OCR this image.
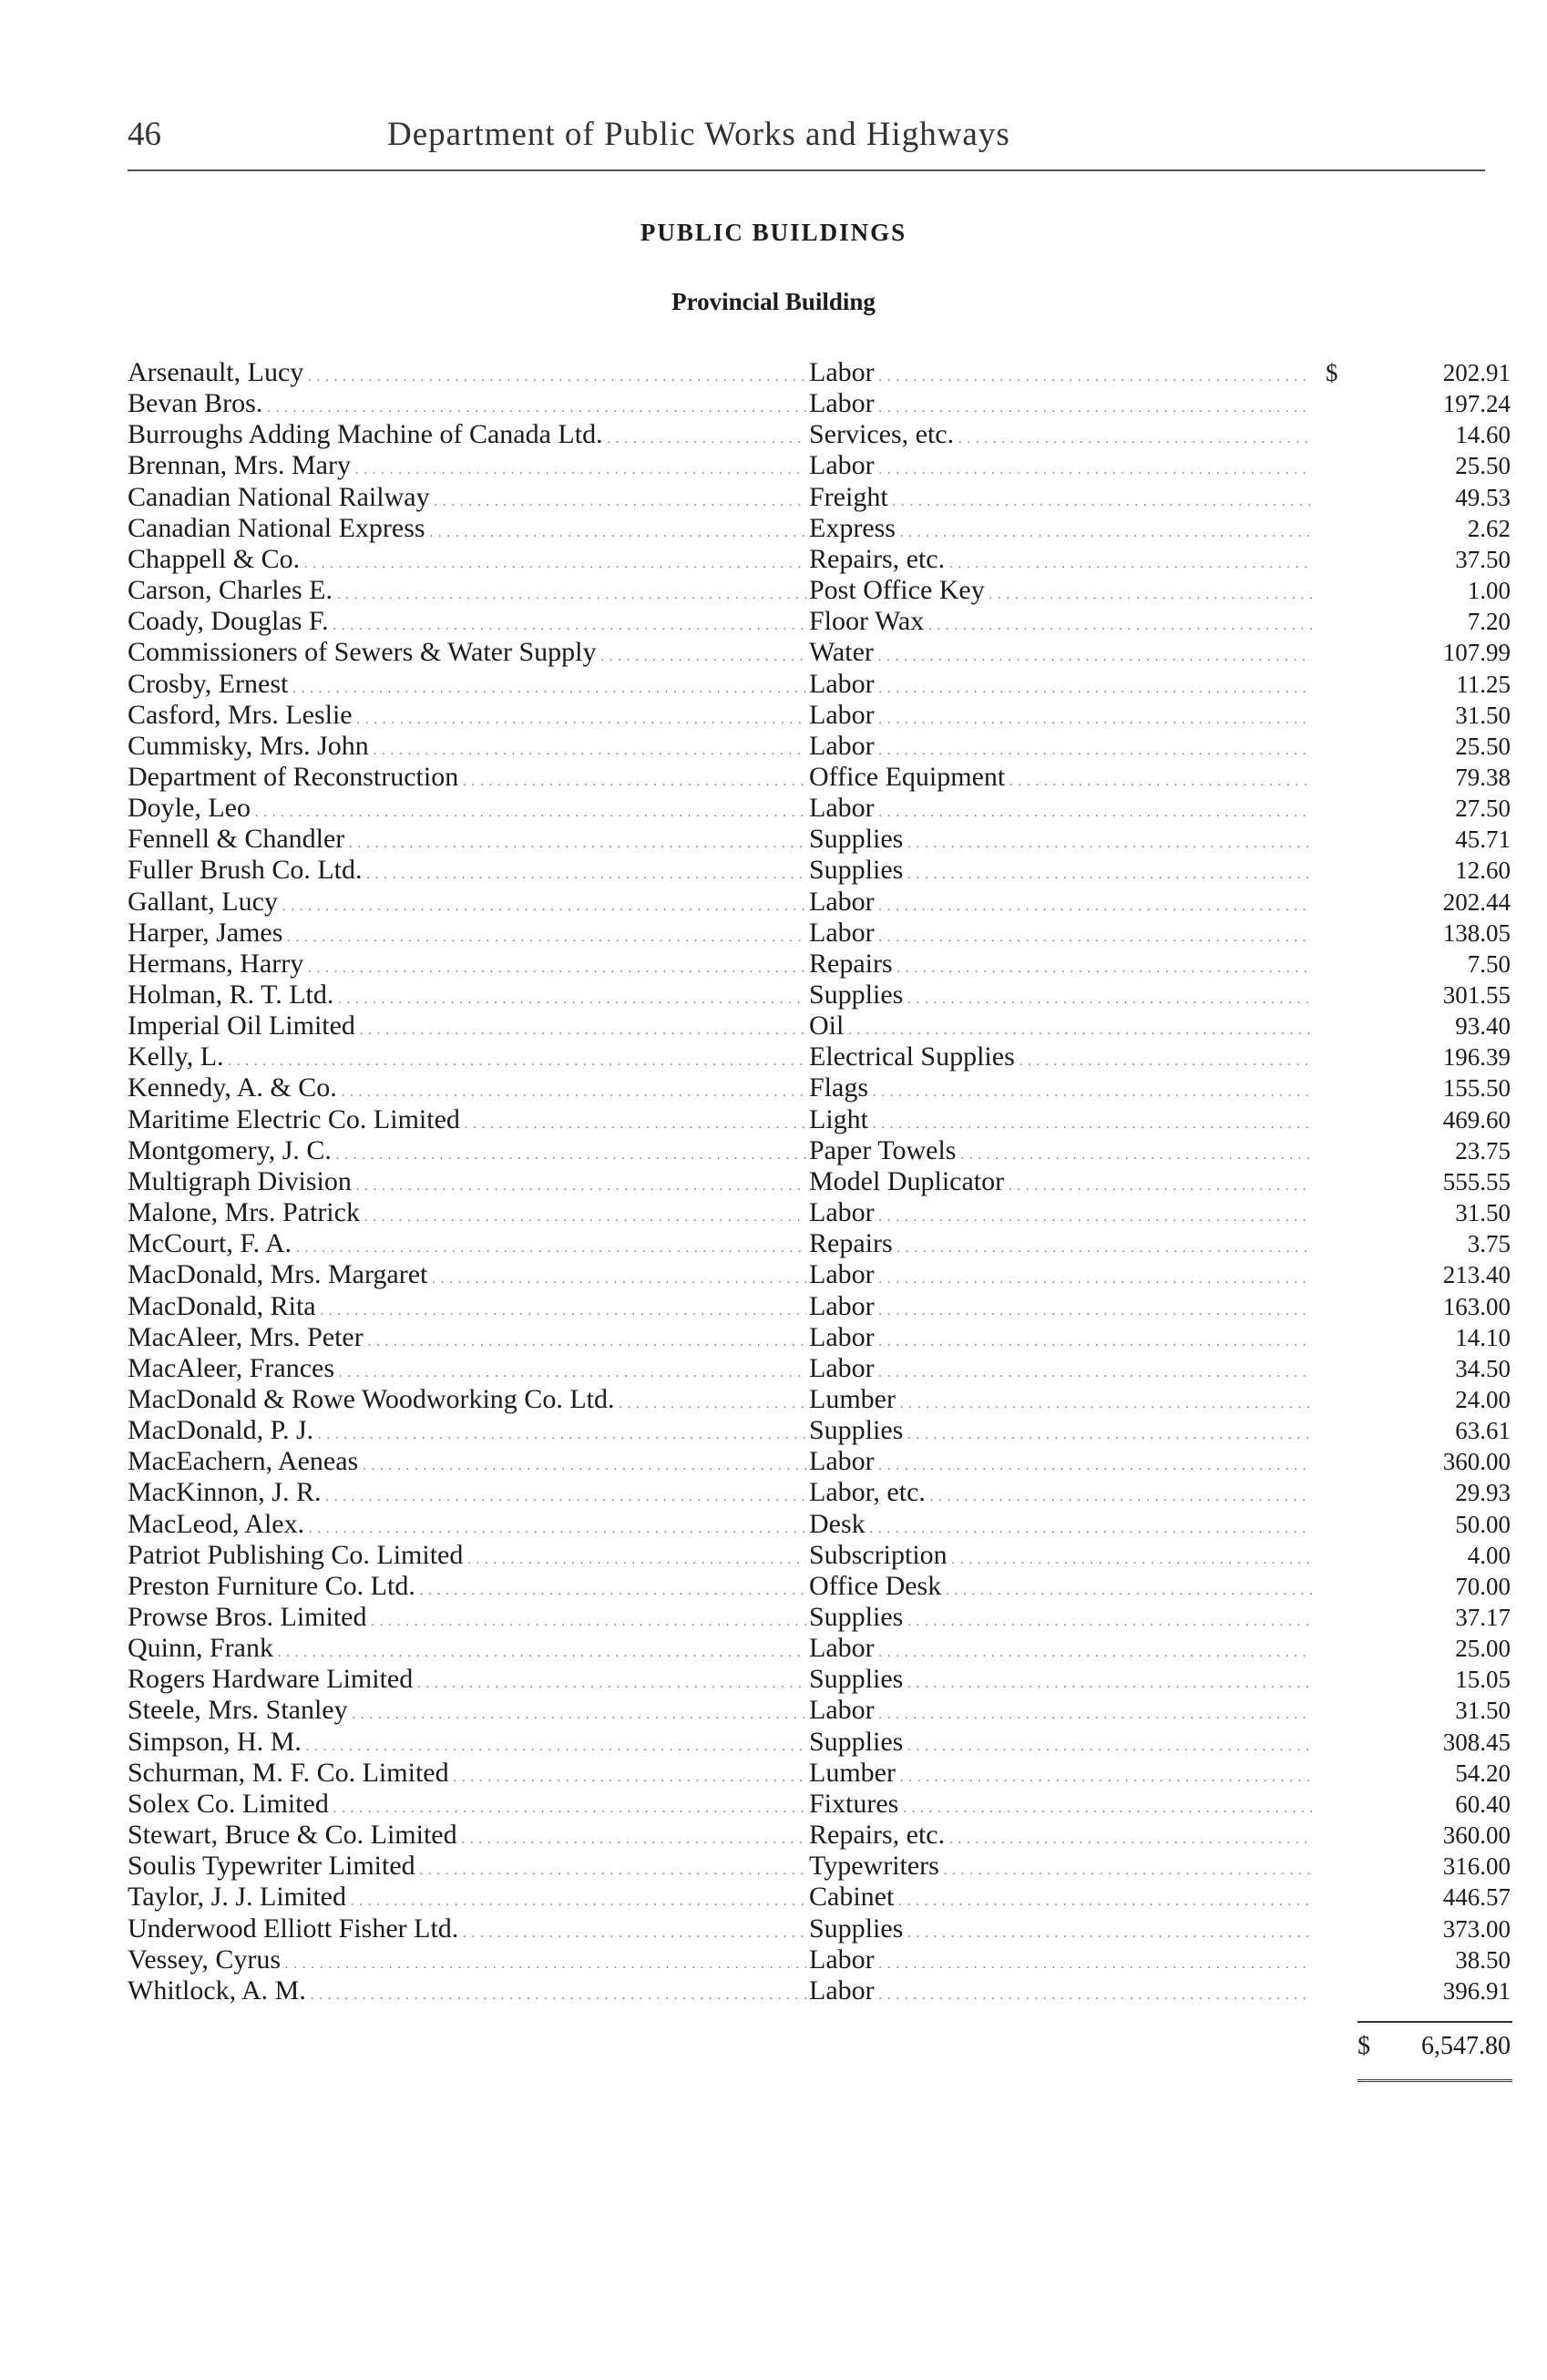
46	Department of Public Works and Highways
PUBLIC BUILDINGS
Provincial Building
Arsenault, Lucy . . .	Labor . . .	$	202.91
Bevan Bros. . . .	Labor . . .	197.24
Burroughs Adding Machine of Canada Ltd. . . .	Services, etc. . . .	14.60
Brennan, Mrs. Mary . . .	Labor . . .	25.50
Canadian National Railway . . .	Freight . . .	49.53
Canadian National Express . . .	Express . . .	2.62
Chappell & Co. . . .	Repairs, etc. . . .	37.50
Carson, Charles E. . . .	Post Office Key . . .	1.00
Coady, Douglas F. . . .	Floor Wax . . .	7.20
Commissioners of Sewers & Water Supply . . .	Water . . .	107.99
Crosby, Ernest . . .	Labor . . .	11.25
Casford, Mrs. Leslie . . .	Labor . . .	31.50
Cummisky, Mrs. John . . .	Labor . . .	25.50
Department of Reconstruction . . .	Office Equipment . . .	79.38
Doyle, Leo . . .	Labor . . .	27.50
Fennell & Chandler . . .	Supplies . . .	45.71
Fuller Brush Co. Ltd. . . .	Supplies . . .	12.60
Gallant, Lucy . . .	Labor . . .	202.44
Harper, James . . .	Labor . . .	138.05
Hermans, Harry . . .	Repairs . . .	7.50
Holman, R. T. Ltd. . . .	Supplies . . .	301.55
Imperial Oil Limited . . .	Oil . . .	93.40
Kelly, L. . . .	Electrical Supplies . . .	196.39
Kennedy, A. & Co. . . .	Flags . . .	155.50
Maritime Electric Co. Limited . . .	Light . . .	469.60
Montgomery, J. C. . . .	Paper Towels . . .	23.75
Multigraph Division . . .	Model Duplicator . . .	555.55
Malone, Mrs. Patrick . . .	Labor . . .	31.50
McCourt, F. A. . . .	Repairs . . .	3.75
MacDonald, Mrs. Margaret . . .	Labor . . .	213.40
MacDonald, Rita . . .	Labor . . .	163.00
MacAleer, Mrs. Peter . . .	Labor . . .	14.10
MacAleer, Frances . . .	Labor . . .	34.50
MacDonald & Rowe Woodworking Co. Ltd. . . .	Lumber . . .	24.00
MacDonald, P. J. . . .	Supplies . . .	63.61
MacEachern, Aeneas . . .	Labor . . .	360.00
MacKinnon, J. R. . . .	Labor, etc. . . .	29.93
MacLeod, Alex. . . .	Desk . . .	50.00
Patriot Publishing Co. Limited . . .	Subscription . . .	4.00
Preston Furniture Co. Ltd. . . .	Office Desk . . .	70.00
Prowse Bros. Limited . . .	Supplies . . .	37.17
Quinn, Frank . . .	Labor . . .	25.00
Rogers Hardware Limited . . .	Supplies . . .	15.05
Steele, Mrs. Stanley . . .	Labor . . .	31.50
Simpson, H. M. . . .	Supplies . . .	308.45
Schurman, M. F. Co. Limited . . .	Lumber . . .	54.20
Solex Co. Limited . . .	Fixtures . . .	60.40
Stewart, Bruce & Co. Limited . . .	Repairs, etc. . . .	360.00
Soulis Typewriter Limited . . .	Typewriters . . .	316.00
Taylor, J. J. Limited . . .	Cabinet . . .	446.57
Underwood Elliott Fisher Ltd. . . .	Supplies . . .	373.00
Vessey, Cyrus . . .	Labor . . .	38.50
Whitlock, A. M. . . .	Labor . . .	396.91
$	6,547.80
